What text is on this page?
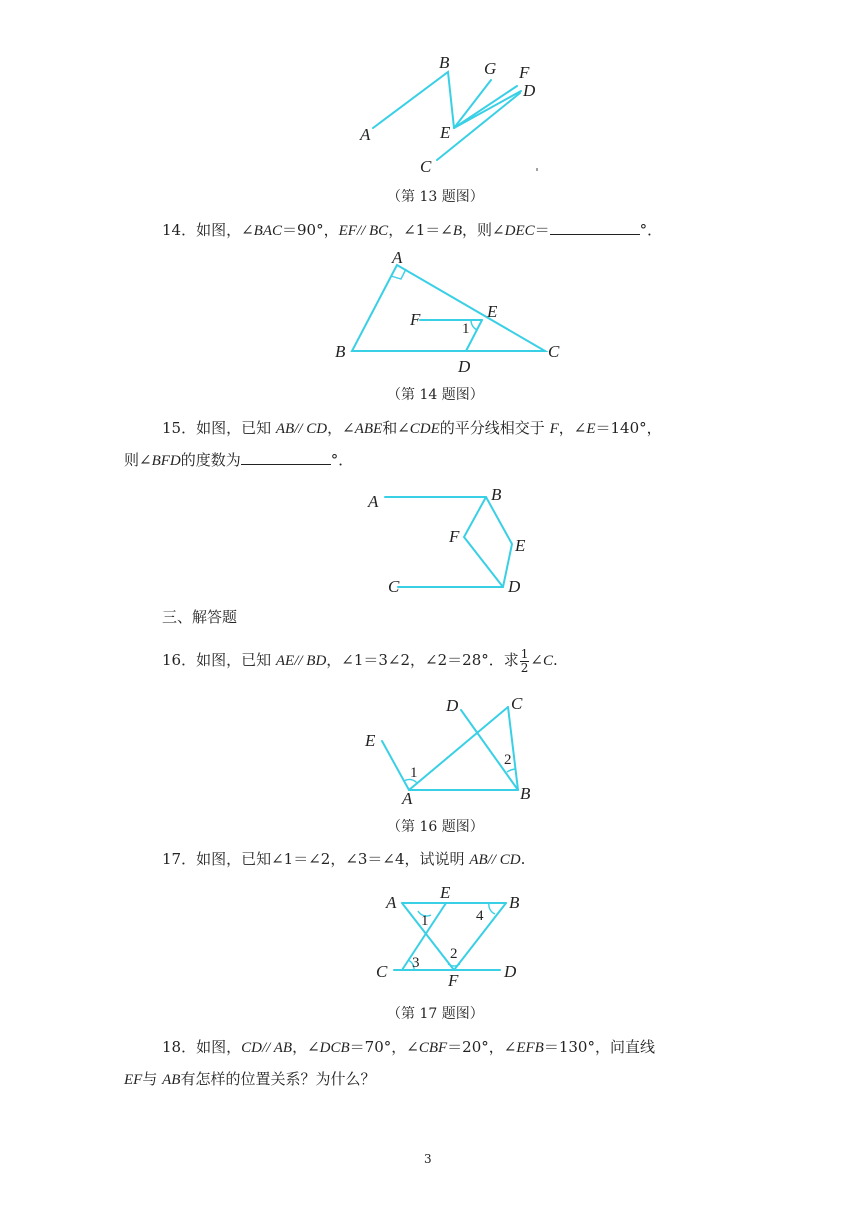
A
B G F
D
E
C
（第 13 题图）
14．如图，∠BAC＝90°，EF// BC，∠1＝∠B，则∠DEC＝	°．
A
E
F	1
B
D
C
（第 14 题图）
15．如图，已知 AB// CD，∠ABE和∠CDE的平分线相交于 F，∠E＝140°，
则∠BFD的度数为	°．
A	B
F	E
C	D
三、解答题
16．如图，已知 AE// BD，∠1＝3∠2，∠2＝28°．求 $\frac{1}{2}$ ∠C.
D	C
E
1
2
A	B
（第 16 题图）
17．如图，已知∠1＝∠2，∠3＝∠4，试说明 AB// CD.
A
E
B
1	4
2
C 3
F	D
（第 17 题图）
18．如图，CD// AB，∠DCB＝70°，∠CBF＝20°，∠EFB＝130°，问直线
EF与 AB有怎样的位置关系？为什么？
3
